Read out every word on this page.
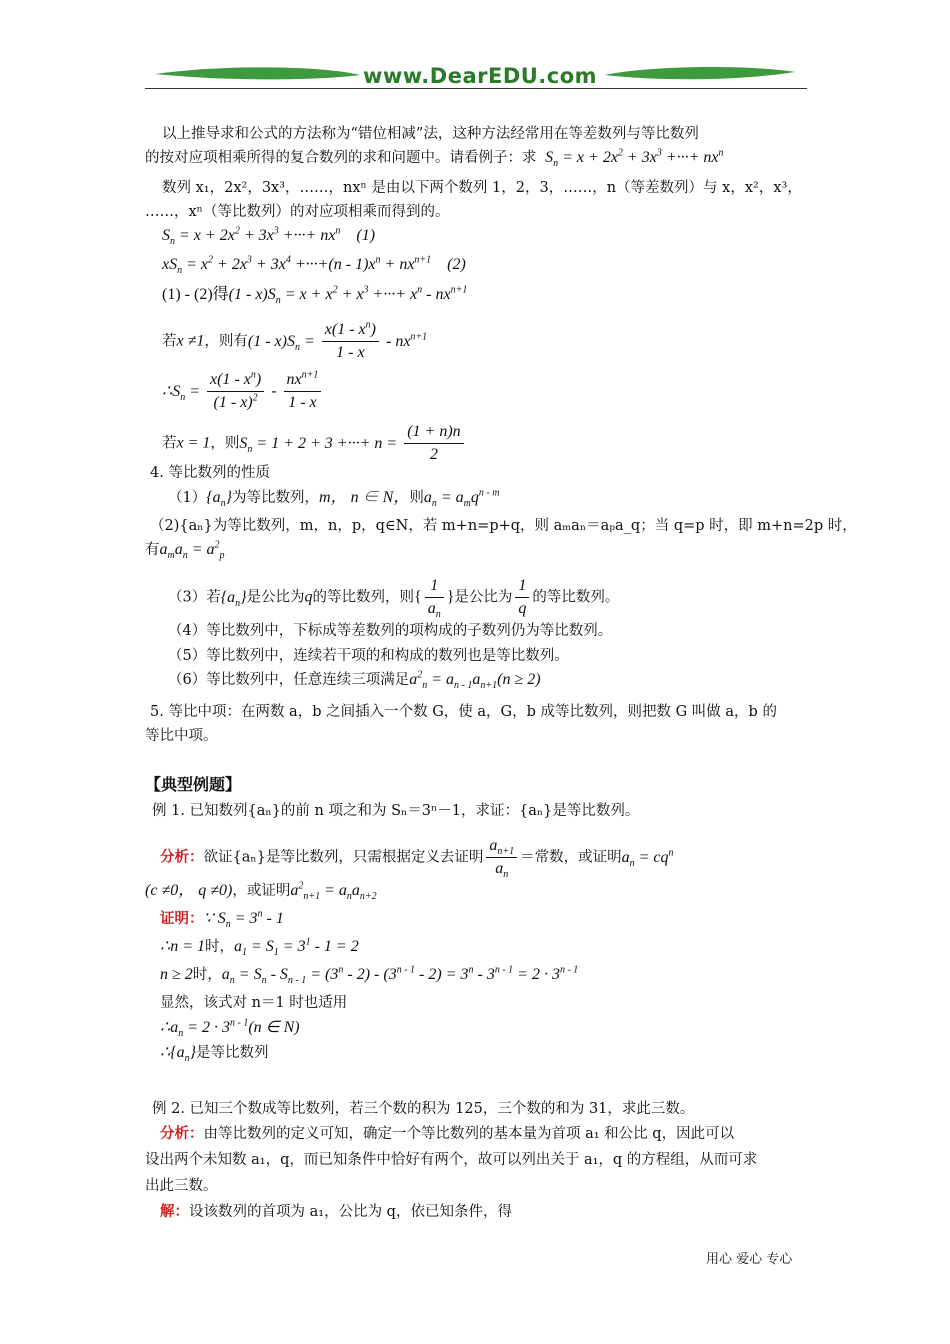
www.DearEDU.com
以上推导求和公式的方法称为“错位相减”法，这种方法经常用在等差数列与等比数列
的按对应项相乘所得的复合数列的求和问题中。请看例子：求  $S_n = x + 2x^2 + 3x^3$ +···+ $nx^n$
数列 x₁，2x²，3x³，……，nxⁿ 是由以下两个数列 1，2，3，……，n（等差数列）与 x，x²，x³，
……，xⁿ（等比数列）的对应项相乘而得到的。
$S_n = x + 2x^2 + 3x^3$ +···+ $nx^n$ (1)
$xS_n = x^2 + 2x^3 + 3x^4 +\cdot\cdot\cdot+(n - 1)x^n + nx^{n+1}$ (2)
(1) - (2)得$(1 - x)S_n = x + x^2 + x^3$ +···+ $x^n - nx^{n+1}$
若x ≠1，则有$(1 - x)S_n = \frac{x(1 - x^n)}{1 - x} - nx^{n+1}$
$\therefore S_n = \frac{x(1 - x^n)}{(1 - x)^2} - \frac{nx^{n+1}}{1 - x}$
若x = 1，则$S_n = 1 + 2 + 3$ +···+ $n = \frac{(1 + n)n}{2}$
4. 等比数列的性质
$(1)\{a_n\}$为等比数列，m， n ∈ N，则$a_n = a_mq^{n - m}$
（2){aₙ}为等比数列，m，n，p，q∈N，若 m+n=p+q，则 aₘaₙ＝aₚa_q；当 q=p 时，即 m+n=2p 时，
有$a_ma_n = a^2_p$
（3）若$\{a_n\}$是公比为q的等比数列，则{ $\frac{1}{a_n}$ }是公比为 $\frac{1}{q}$ 的等比数列。
（4）等比数列中，下标成等差数列的项构成的子数列仍为等比数列。
（5）等比数列中，连续若干项的和构成的数列也是等比数列。
（6）等比数列中，任意连续三项满足$a^2_n = a_{n - 1}a_{n+1}(n \ge 2)$
5. 等比中项：在两数 a，b 之间插入一个数 G，使 a，G，b 成等比数列，则把数 G 叫做 a，b 的
等比中项。
【典型例题】
例 1. 已知数列{aₙ}的前 n 项之和为 Sₙ＝3ⁿ－1，求证：{aₙ}是等比数列。
分析：欲证{aₙ}是等比数列，只需根据定义去证明 $\frac{a_{n+1}}{a_n}$ ＝常数，或证明$a_n = cq^n$
(c ≠0， q ≠0)，或证明$a^2_{n+1} = a_na_{n+2}$
证明：∵ $S_n = 3^n - 1$
∴n = 1时，$a_1 = S_1 = 3^1 - 1 = 2$
n ≥ 2时，$a_n = S_n - S_{n - 1} = (3^n - 2) - (3^{n - 1} - 2) = 3^n - 3^{n - 1} = 2 \cdot 3^{n - 1}$
显然，该式对 n＝1 时也适用
$\therefore a_n = 2 \cdot 3^{n - 1}(n$ ∈ N)
$\therefore\{a_n\}$是等比数列
例 2. 已知三个数成等比数列，若三个数的积为 125，三个数的和为 31，求此三数。
分析：由等比数列的定义可知，确定一个等比数列的基本量为首项 a₁ 和公比 q，因此可以
设出两个未知数 a₁，q，而已知条件中恰好有两个，故可以列出关于 a₁，q 的方程组，从而可求
出此三数。
解：设该数列的首项为 a₁，公比为 q，依已知条件，得
用心 爱心 专心
